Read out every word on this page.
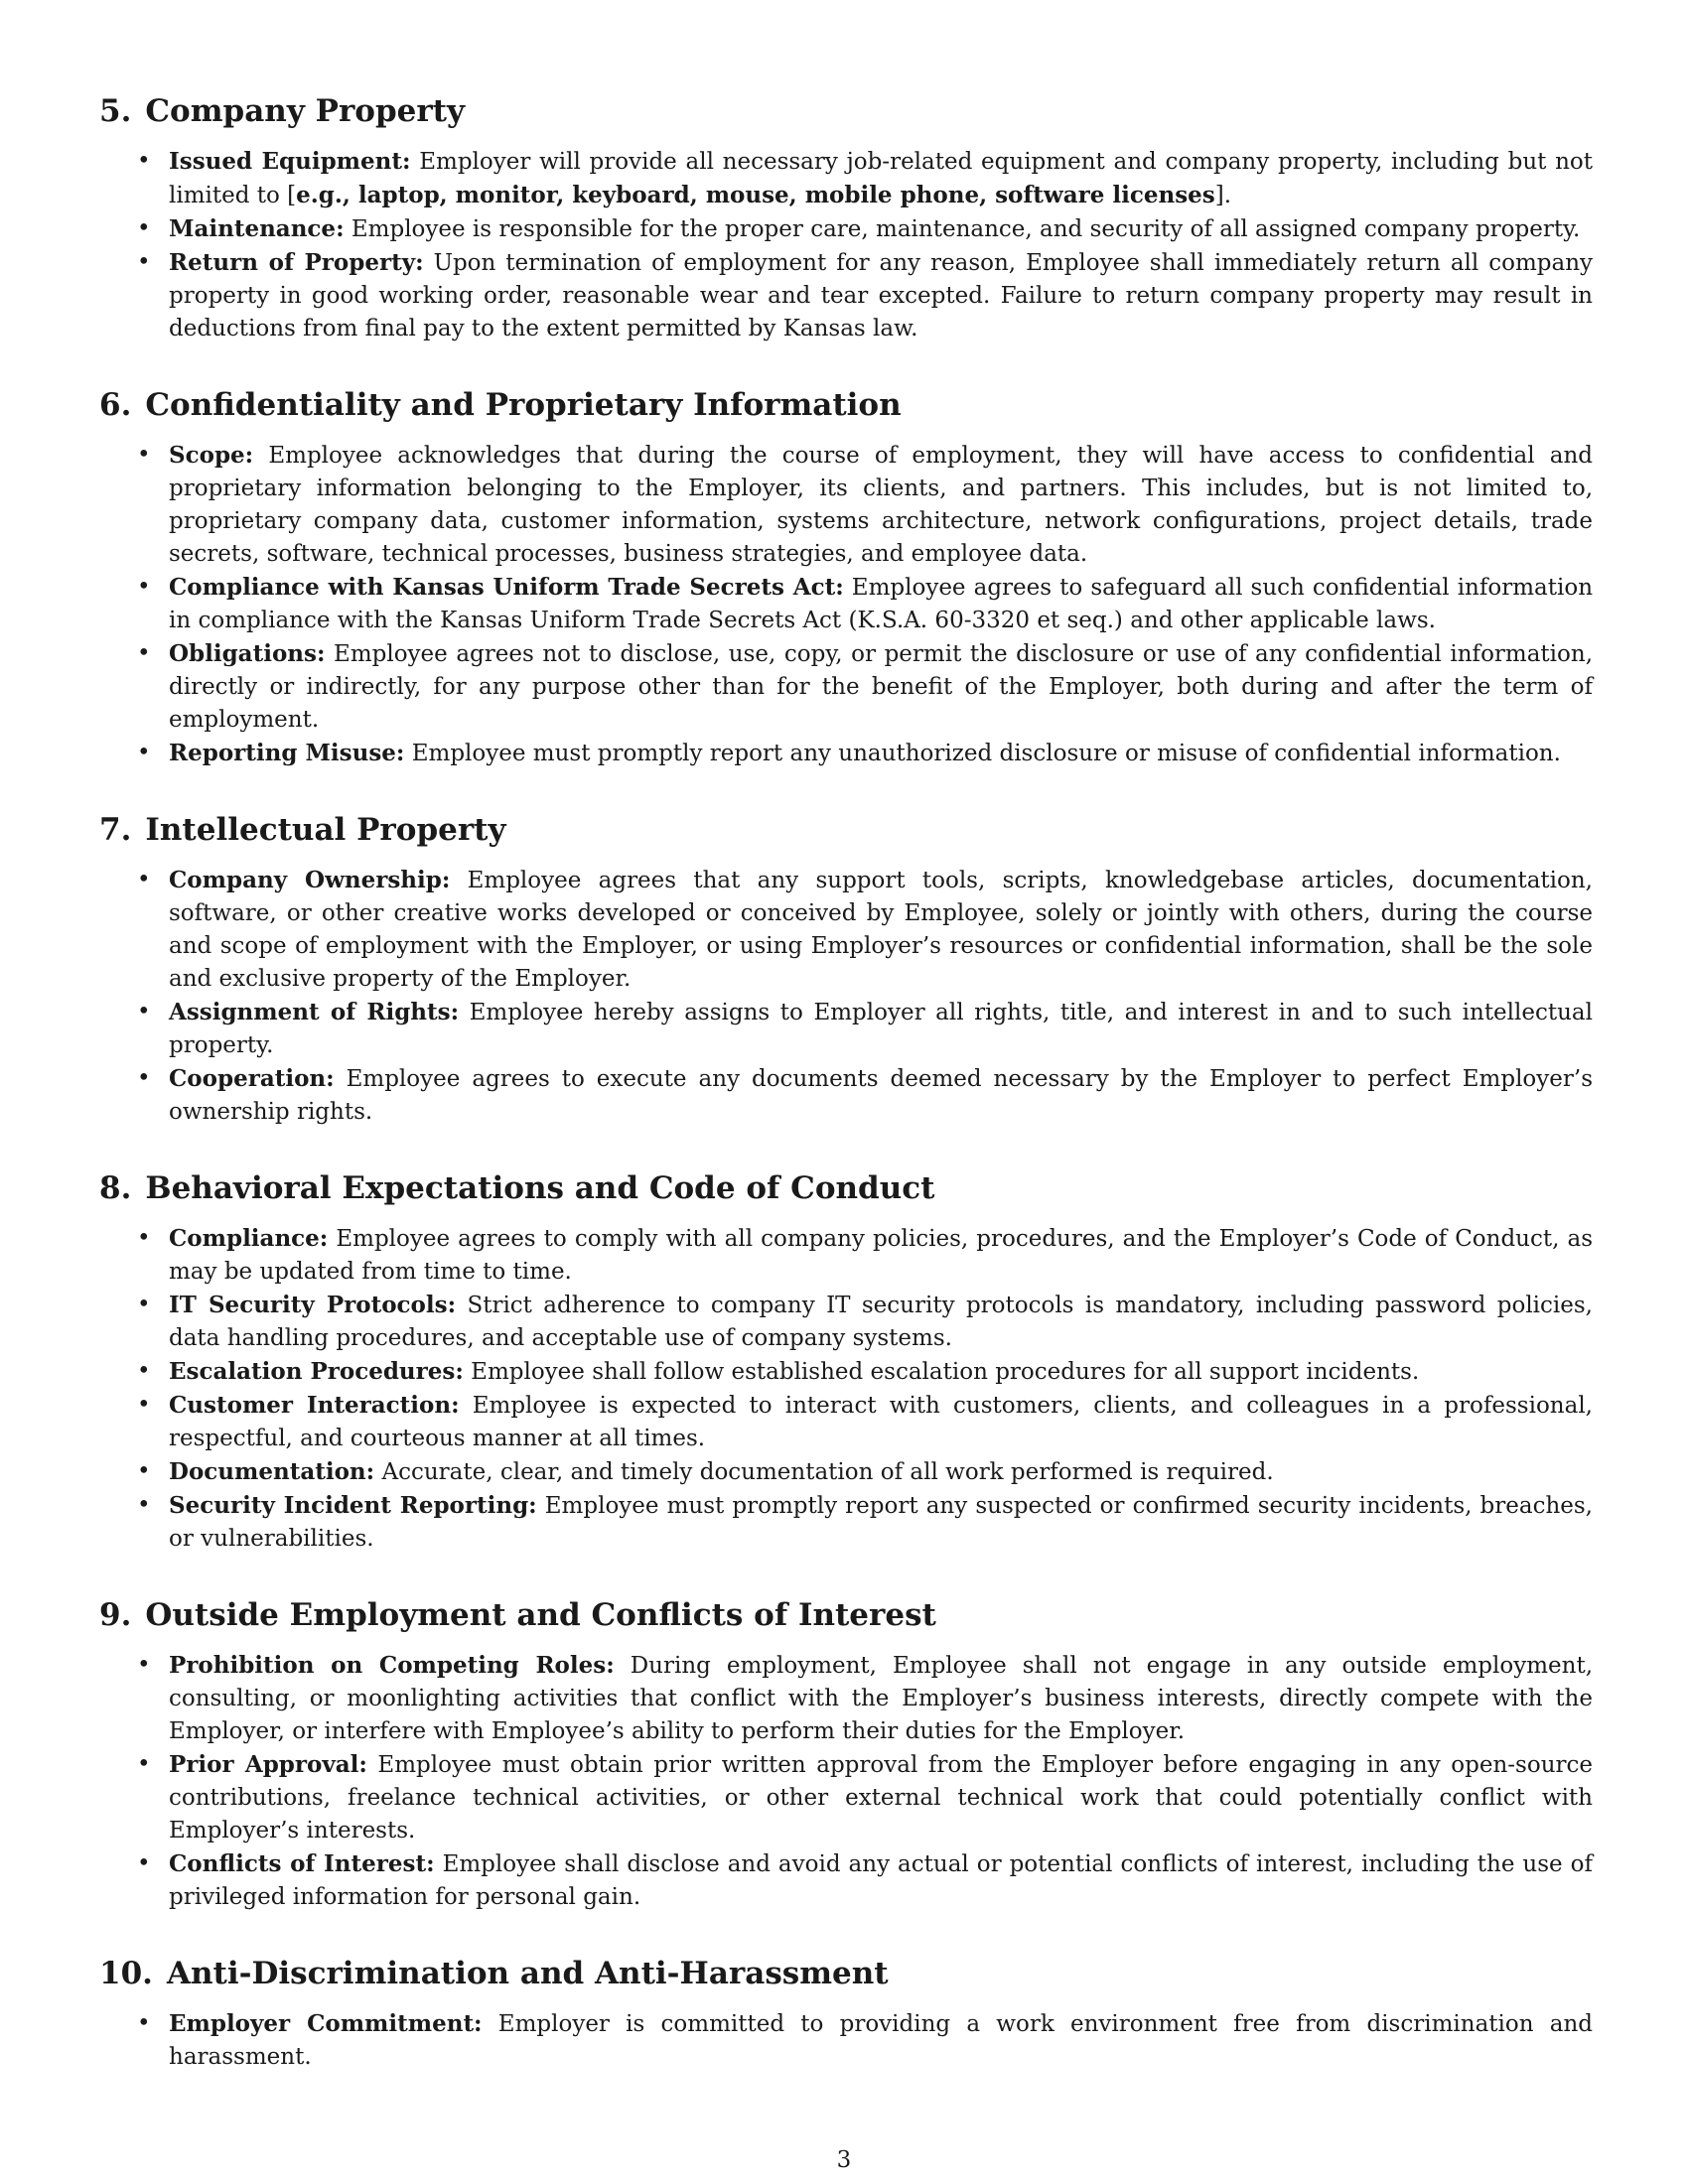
5. Company Property
• Issued Equipment: Employer will provide all necessary job-related equipment and company property, including but not limited to [e.g., laptop, monitor, keyboard, mouse, mobile phone, software licenses].
• Maintenance: Employee is responsible for the proper care, maintenance, and security of all assigned company property.
• Return of Property: Upon termination of employment for any reason, Employee shall immediately return all company property in good working order, reasonable wear and tear excepted. Failure to return company property may result in deductions from final pay to the extent permitted by Kansas law.
6. Confidentiality and Proprietary Information
• Scope: Employee acknowledges that during the course of employment, they will have access to confidential and proprietary information belonging to the Employer, its clients, and partners. This includes, but is not limited to, proprietary company data, customer information, systems architecture, network configurations, project details, trade secrets, software, technical processes, business strategies, and employee data.
• Compliance with Kansas Uniform Trade Secrets Act: Employee agrees to safeguard all such confidential information in compliance with the Kansas Uniform Trade Secrets Act (K.S.A. 60-3320 et seq.) and other applicable laws.
• Obligations: Employee agrees not to disclose, use, copy, or permit the disclosure or use of any confidential information, directly or indirectly, for any purpose other than for the benefit of the Employer, both during and after the term of employment.
• Reporting Misuse: Employee must promptly report any unauthorized disclosure or misuse of confidential information.
7. Intellectual Property
• Company Ownership: Employee agrees that any support tools, scripts, knowledgebase articles, documentation, software, or other creative works developed or conceived by Employee, solely or jointly with others, during the course and scope of employment with the Employer, or using Employer’s resources or confidential information, shall be the sole and exclusive property of the Employer.
• Assignment of Rights: Employee hereby assigns to Employer all rights, title, and interest in and to such intellectual property.
• Cooperation: Employee agrees to execute any documents deemed necessary by the Employer to perfect Employer’s ownership rights.
8. Behavioral Expectations and Code of Conduct
• Compliance: Employee agrees to comply with all company policies, procedures, and the Employer’s Code of Conduct, as may be updated from time to time.
• IT Security Protocols: Strict adherence to company IT security protocols is mandatory, including password policies, data handling procedures, and acceptable use of company systems.
• Escalation Procedures: Employee shall follow established escalation procedures for all support incidents.
• Customer Interaction: Employee is expected to interact with customers, clients, and colleagues in a professional, respectful, and courteous manner at all times.
• Documentation: Accurate, clear, and timely documentation of all work performed is required.
• Security Incident Reporting: Employee must promptly report any suspected or confirmed security incidents, breaches, or vulnerabilities.
9. Outside Employment and Conflicts of Interest
• Prohibition on Competing Roles: During employment, Employee shall not engage in any outside employment, consulting, or moonlighting activities that conflict with the Employer’s business interests, directly compete with the Employer, or interfere with Employee’s ability to perform their duties for the Employer.
• Prior Approval: Employee must obtain prior written approval from the Employer before engaging in any open-source contributions, freelance technical activities, or other external technical work that could potentially conflict with Employer’s interests.
• Conflicts of Interest: Employee shall disclose and avoid any actual or potential conflicts of interest, including the use of privileged information for personal gain.
10. Anti-Discrimination and Anti-Harassment
• Employer Commitment: Employer is committed to providing a work environment free from discrimination and harassment.
3
